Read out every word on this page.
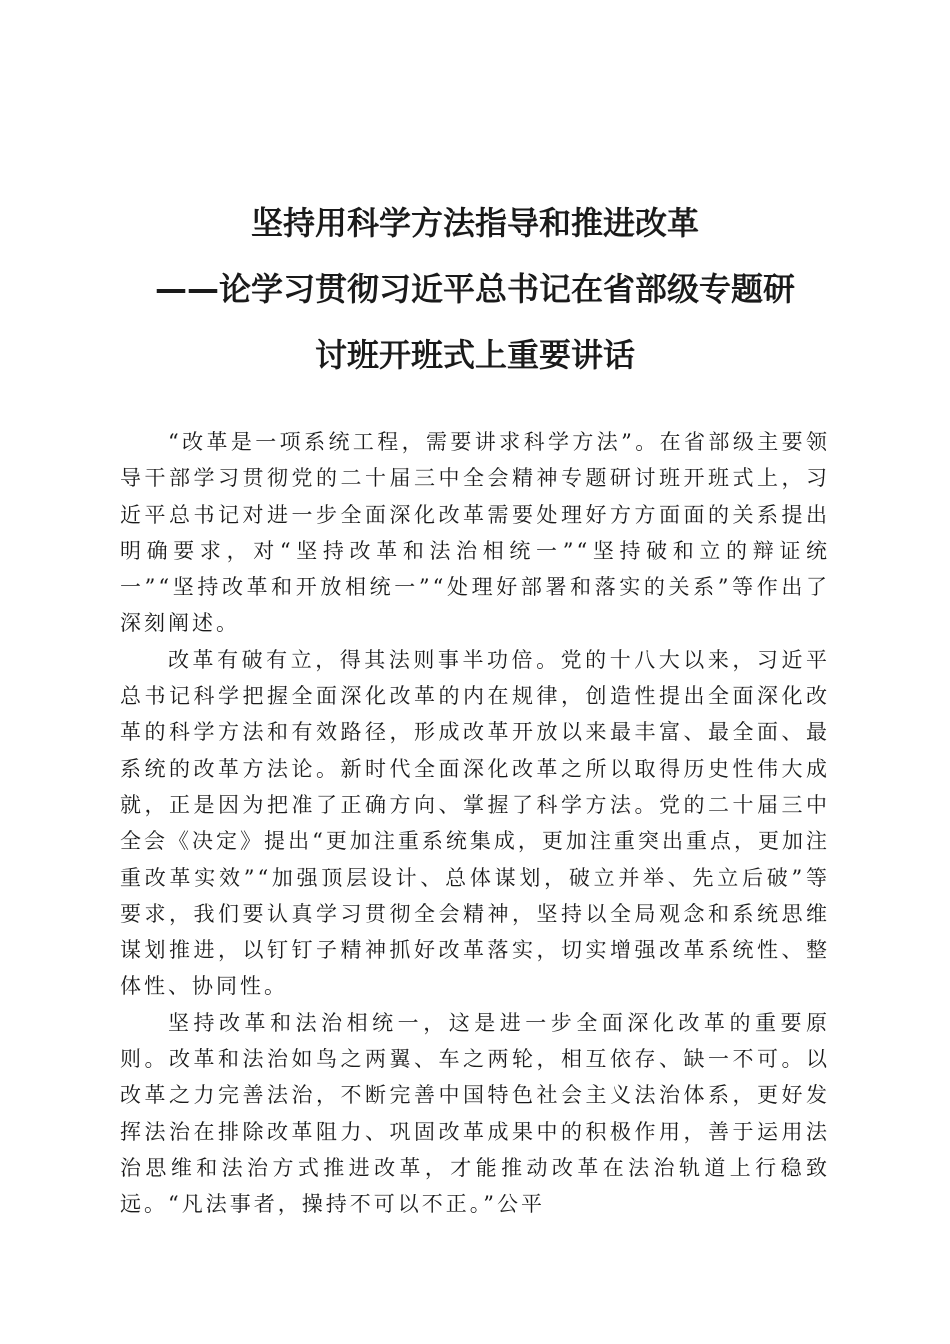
坚持用科学方法指导和推进改革
——论学习贯彻习近平总书记在省部级专题研
讨班开班式上重要讲话

“改革是一项系统工程，需要讲求科学方法”。在省部级主要领导干部学习贯彻党的二十届三中全会精神专题研讨班开班式上，习近平总书记对进一步全面深化改革需要处理好方方面面的关系提出明确要求，对“坚持改革和法治相统一”“坚持破和立的辩证统一”“坚持改革和开放相统一”“处理好部署和落实的关系”等作出了深刻阐述。

改革有破有立，得其法则事半功倍。党的十八大以来，习近平总书记科学把握全面深化改革的内在规律，创造性提出全面深化改革的科学方法和有效路径，形成改革开放以来最丰富、最全面、最系统的改革方法论。新时代全面深化改革之所以取得历史性伟大成就，正是因为把准了正确方向、掌握了科学方法。党的二十届三中全会《决定》提出“更加注重系统集成，更加注重突出重点，更加注重改革实效”“加强顶层设计、总体谋划，破立并举、先立后破”等要求，我们要认真学习贯彻全会精神，坚持以全局观念和系统思维谋划推进，以钉钉子精神抓好改革落实，切实增强改革系统性、整体性、协同性。

坚持改革和法治相统一，这是进一步全面深化改革的重要原则。改革和法治如鸟之两翼、车之两轮，相互依存、缺一不可。以改革之力完善法治，不断完善中国特色社会主义法治体系，更好发挥法治在排除改革阻力、巩固改革成果中的积极作用，善于运用法治思维和法治方式推进改革，才能推动改革在法治轨道上行稳致远。“凡法事者，操持不可以不正。”公平
